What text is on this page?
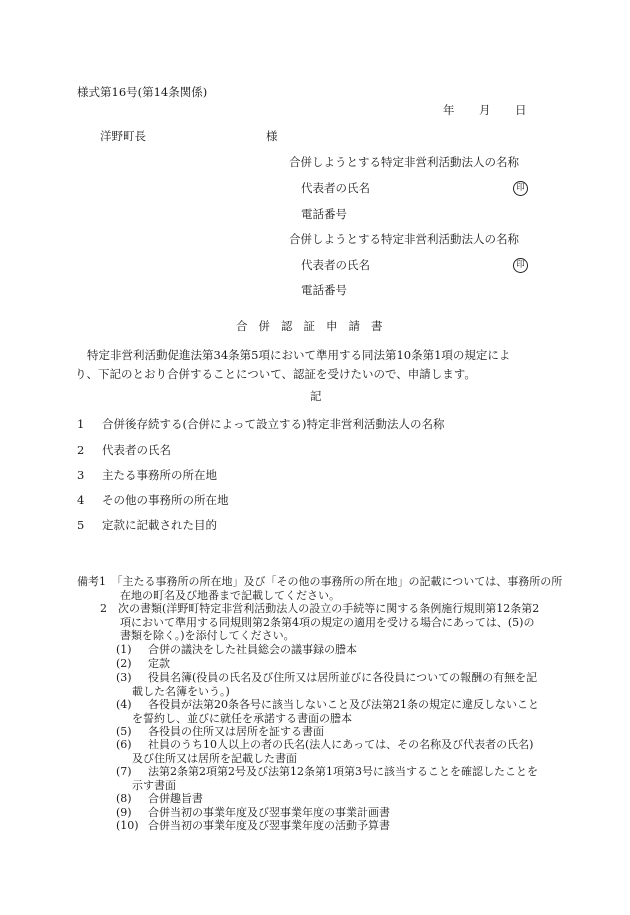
様式第16号(第14条関係)
年 月 日
洋野町長	様
合併しようとする特定非営利活動法人の名称
代表者の氏名	印
電話番号
合併しようとする特定非営利活動法人の名称
代表者の氏名	印
電話番号
合併認証申請書
特定非営利活動促進法第34条第5項において準用する同法第10条第1項の規定により、下記のとおり合併することについて、認証を受けたいので、申請します。
記
1 合併後存続する(合併によって設立する)特定非営利活動法人の名称
2 代表者の氏名
3 主たる事務所の所在地
4 その他の事務所の所在地
5 定款に記載された目的
備考1　 「主たる事務所の所在地」及び「その他の事務所の所在地」の記載については、事務所の所在地の町名及び地番まで記載してください。
2　 次の書類(洋野町特定非営利活動法人の設立の手続等に関する条例施行規則第12条第2項において準用する同規則第2条第4項の規定の適用を受ける場合にあっては、(5)の書類を除く。)を添付してください。
(1) 合併の議決をした社員総会の議事録の謄本
(2) 定款
(3) 役員名簿(役員の氏名及び住所又は居所並びに各役員についての報酬の有無を記載した名簿をいう。)
(4) 各役員が法第20条各号に該当しないこと及び法第21条の規定に違反しないことを誓約し、並びに就任を承諾する書面の謄本
(5) 各役員の住所又は居所を証する書面
(6) 社員のうち10人以上の者の氏名(法人にあっては、その名称及び代表者の氏名)及び住所又は居所を記載した書面
(7) 法第2条第2項第2号及び法第12条第1項第3号に該当することを確認したことを示す書面
(8) 合併趣旨書
(9) 合併当初の事業年度及び翌事業年度の事業計画書
(10) 合併当初の事業年度及び翌事業年度の活動予算書
